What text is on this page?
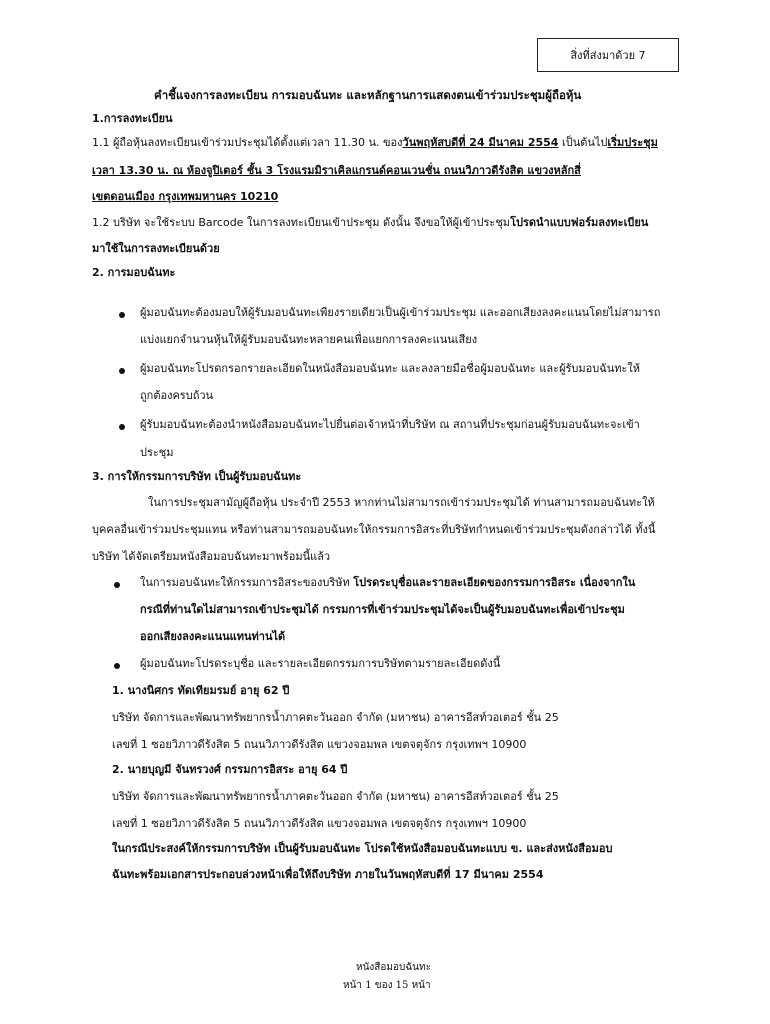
สิ่งที่ส่งมาด้วย 7
คำชี้แจงการลงทะเบียน การมอบฉันทะ และหลักฐานการแสดงตนเข้าร่วมประชุมผู้ถือหุ้น
1.การลงทะเบียน
1.1 ผู้ถือหุ้นลงทะเบียนเข้าร่วมประชุมได้ตั้งแต่เวลา 11.30 น. ของวันพฤหัสบดีที่ 24 มีนาคม 2554 เป็นต้นไปเริ่มประชุม
เวลา 13.30 น. ณ ห้องจูปิเตอร์ ชั้น 3 โรงแรมมิราเคิลแกรนด์คอนเวนชั่น ถนนวิภาวดีรังสิต แขวงหลักสี่
เขตดอนเมือง กรุงเทพมหานคร 10210
1.2 บริษัท จะใช้ระบบ Barcode ในการลงทะเบียนเข้าประชุม ดังนั้น จึงขอให้ผู้เข้าประชุมโปรดนำแบบฟอร์มลงทะเบียน
มาใช้ในการลงทะเบียนด้วย
2. การมอบฉันทะ
ผู้มอบฉันทะต้องมอบให้ผู้รับมอบฉันทะเพียงรายเดียวเป็นผู้เข้าร่วมประชุม และออกเสียงลงคะแนนโดยไม่สามารถ
แบ่งแยกจำนวนหุ้นให้ผู้รับมอบฉันทะหลายคนเพื่อแยกการลงคะแนนเสียง
ผู้มอบฉันทะโปรดกรอกรายละเอียดในหนังสือมอบฉันทะ และลงลายมือชื่อผู้มอบฉันทะ และผู้รับมอบฉันทะให้
ถูกต้องครบถ้วน
ผู้รับมอบฉันทะต้องนำหนังสือมอบฉันทะไปยื่นต่อเจ้าหน้าที่บริษัท ณ สถานที่ประชุมก่อนผู้รับมอบฉันทะจะเข้า
ประชุม
3. การให้กรรมการบริษัท เป็นผู้รับมอบฉันทะ
ในการประชุมสามัญผู้ถือหุ้น ประจำปี 2553 หากท่านไม่สามารถเข้าร่วมประชุมได้ ท่านสามารถมอบฉันทะให้
บุคคลอื่นเข้าร่วมประชุมแทน หรือท่านสามารถมอบฉันทะให้กรรมการอิสระที่บริษัทกำหนดเข้าร่วมประชุมดังกล่าวได้ ทั้งนี้
บริษัท ได้จัดเตรียมหนังสือมอบฉันทะมาพร้อมนี้แล้ว
ในการมอบฉันทะให้กรรมการอิสระของบริษัท โปรดระบุชื่อและรายละเอียดของกรรมการอิสระ เนื่องจากใน
กรณีที่ท่านใดไม่สามารถเข้าประชุมได้ กรรมการที่เข้าร่วมประชุมได้จะเป็นผู้รับมอบฉันทะเพื่อเข้าประชุม
ออกเสียงลงคะแนนแทนท่านได้
ผู้มอบฉันทะโปรดระบุชื่อ และรายละเอียดกรรมการบริษัทตามรายละเอียดดังนี้
1. นางนิศกร ทัดเทียมรมย์ อายุ 62 ปี
บริษัท จัดการและพัฒนาทรัพยากรน้ำภาคตะวันออก จำกัด (มหาชน) อาคารอีสท์วอเตอร์ ชั้น 25
เลขที่ 1 ซอยวิภาวดีรังสิต 5 ถนนวิภาวดีรังสิต แขวงจอมพล เขตจตุจักร กรุงเทพฯ 10900
2. นายบุญมี จันทรวงศ์ กรรมการอิสระ อายุ 64 ปี
บริษัท จัดการและพัฒนาทรัพยากรน้ำภาคตะวันออก จำกัด (มหาชน) อาคารอีสท์วอเตอร์ ชั้น 25
เลขที่ 1 ซอยวิภาวดีรังสิต 5 ถนนวิภาวดีรังสิต แขวงจอมพล เขตจตุจักร กรุงเทพฯ 10900
ในกรณีประสงค์ให้กรรมการบริษัท เป็นผู้รับมอบฉันทะ โปรดใช้หนังสือมอบฉันทะแบบ ข. และส่งหนังสือมอบ
ฉันทะพร้อมเอกสารประกอบล่วงหน้าเพื่อให้ถึงบริษัท ภายในวันพฤหัสบดีที่ 17 มีนาคม 2554
หนังสือมอบฉันทะ
หน้า 1 ของ 15 หน้า
